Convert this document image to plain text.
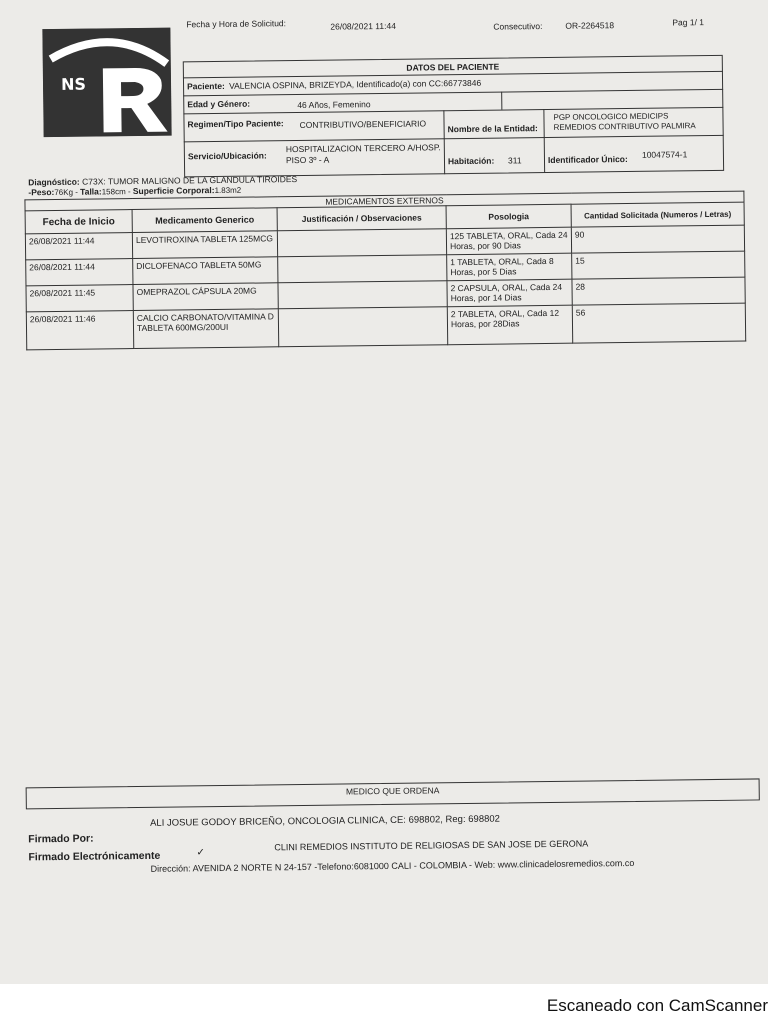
NS
Fecha y Hora de Solicitud:	26/08/2021 11:44	Consecutivo:	OR-2264518	Pag 1/ 1
DATOS DEL PACIENTE
Paciente: VALENCIA OSPINA, BRIZEYDA, Identificado(a) con CC:66773846
Edad y Género:	46 Años, Femenino
Regimen/Tipo Paciente: CONTRIBUTIVO/BENEFICIARIO	Nombre de la Entidad:
PGP ONCOLOGICO MEDICIPS
REMEDIOS CONTRIBUTIVO PALMIRA
Servicio/Ubicación:
HOSPITALIZACION TERCERO A/HOSP.
PISO 3º - A	Habitación: 311	Identificador Único: 10047574-1
Diagnóstico: C73X: TUMOR MALIGNO DE LA GLANDULA TIROIDES
-Peso:76Kg - Talla:158cm - Superficie Corporal:1.83m2
MEDICAMENTOS EXTERNOS				
Fecha de Inicio	Medicamento Generico	Justificación / Observaciones	Posologia	Cantidad Solicitada (Numeros / Letras)
26/08/2021 11:44	LEVOTIROXINA TABLETA 125MCG		125 TABLETA, ORAL, Cada 24 Horas, por 90 Dias	90
26/08/2021 11:44	DICLOFENACO TABLETA 50MG		1 TABLETA, ORAL, Cada 8 Horas, por 5 Dias	15
26/08/2021 11:45	OMEPRAZOL CÁPSULA 20MG		2 CAPSULA, ORAL, Cada 24 Horas, por 14 Dias	28
26/08/2021 11:46	CALCIO CARBONATO/VITAMINA D TABLETA 600MG/200UI		2 TABLETA, ORAL, Cada 12 Horas, por 28Dias	56
MEDICO QUE ORDENA
Firmado Por:
ALI JOSUE GODOY BRICEÑO, ONCOLOGIA CLINICA, CE: 698802, Reg: 698802
Firmado Electrónicamente	✓
CLINI REMEDIOS INSTITUTO DE RELIGIOSAS DE SAN JOSE DE GERONA
Dirección: AVENIDA 2 NORTE N 24-157 -Telefono:6081000 CALI - COLOMBIA - Web: www.clinicadelosremedios.com.co
Escaneado con CamScanner
